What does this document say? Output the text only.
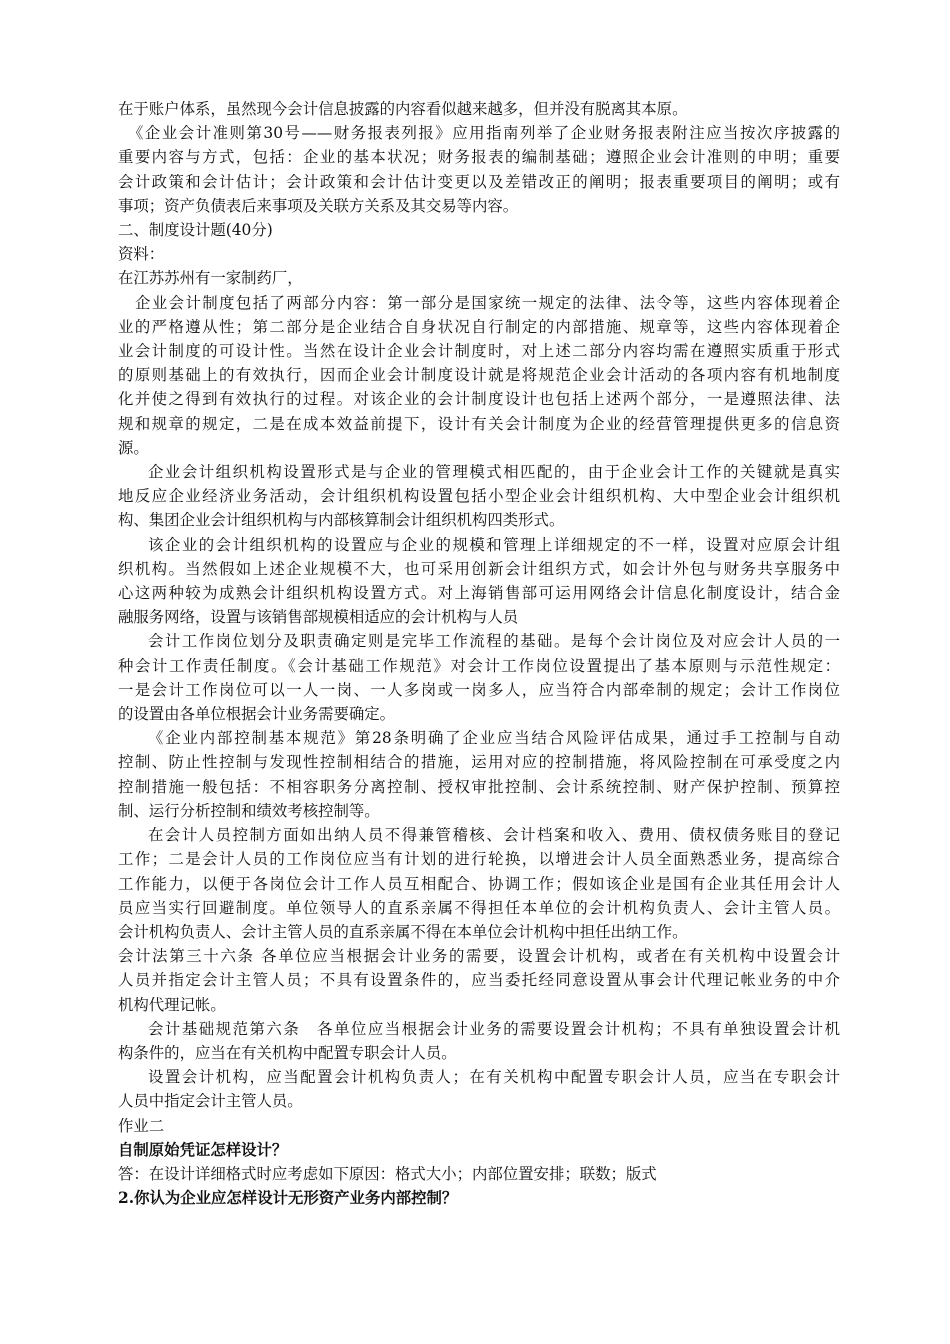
在于账户体系，虽然现今会计信息披露的内容看似越来越多，但并没有脱离其本原。
《企业会计准则第30号——财务报表列报》应用指南列举了企业财务报表附注应当按次序披露的
重要内容与方式，包括：企业的基本状况；财务报表的编制基础；遵照企业会计准则的申明；重要
会计政策和会计估计；会计政策和会计估计变更以及差错改正的阐明；报表重要项目的阐明；或有
事项；资产负债表后来事项及关联方关系及其交易等内容。
二、制度设计题(40分)
资料：
在江苏苏州有一家制药厂，
企业会计制度包括了两部分内容：第一部分是国家统一规定的法律、法令等，这些内容体现着企
业的严格遵从性；第二部分是企业结合自身状况自行制定的内部措施、规章等，这些内容体现着企
业会计制度的可设计性。当然在设计企业会计制度时，对上述二部分内容均需在遵照实质重于形式
的原则基础上的有效执行，因而企业会计制度设计就是将规范企业会计活动的各项内容有机地制度
化并使之得到有效执行的过程。对该企业的会计制度设计也包括上述两个部分，一是遵照法律、法
规和规章的规定，二是在成本效益前提下，设计有关会计制度为企业的经营管理提供更多的信息资
源。
企业会计组织机构设置形式是与企业的管理模式相匹配的，由于企业会计工作的关键就是真实
地反应企业经济业务活动，会计组织机构设置包括小型企业会计组织机构、大中型企业会计组织机
构、集团企业会计组织机构与内部核算制会计组织机构四类形式。
该企业的会计组织机构的设置应与企业的规模和管理上详细规定的不一样，设置对应原会计组
织机构。当然假如上述企业规模不大，也可采用创新会计组织方式，如会计外包与财务共享服务中
心这两种较为成熟会计组织机构设置方式。对上海销售部可运用网络会计信息化制度设计，结合金
融服务网络，设置与该销售部规模相适应的会计机构与人员
会计工作岗位划分及职责确定则是完毕工作流程的基础。是每个会计岗位及对应会计人员的一
种会计工作责任制度。《会计基础工作规范》对会计工作岗位设置提出了基本原则与示范性规定：
一是会计工作岗位可以一人一岗、一人多岗或一岗多人，应当符合内部牵制的规定；会计工作岗位
的设置由各单位根据会计业务需要确定。
《企业内部控制基本规范》第28条明确了企业应当结合风险评估成果，通过手工控制与自动
控制、防止性控制与发现性控制相结合的措施，运用对应的控制措施，将风险控制在可承受度之内
控制措施一般包括：不相容职务分离控制、授权审批控制、会计系统控制、财产保护控制、预算控
制、运行分析控制和绩效考核控制等。
在会计人员控制方面如出纳人员不得兼管稽核、会计档案和收入、费用、债权债务账目的登记
工作；二是会计人员的工作岗位应当有计划的进行轮换，以增进会计人员全面熟悉业务，提高综合
工作能力，以便于各岗位会计工作人员互相配合、协调工作；假如该企业是国有企业其任用会计人
员应当实行回避制度。单位领导人的直系亲属不得担任本单位的会计机构负责人、会计主管人员。
会计机构负责人、会计主管人员的直系亲属不得在本单位会计机构中担任出纳工作。
会计法第三十六条 各单位应当根据会计业务的需要，设置会计机构，或者在有关机构中设置会计
人员并指定会计主管人员；不具有设置条件的，应当委托经同意设置从事会计代理记帐业务的中介
机构代理记帐。
会计基础规范第六条　各单位应当根据会计业务的需要设置会计机构；不具有单独设置会计机
构条件的，应当在有关机构中配置专职会计人员。
设置会计机构，应当配置会计机构负责人；在有关机构中配置专职会计人员，应当在专职会计
人员中指定会计主管人员。
作业二
自制原始凭证怎样设计？
答：在设计详细格式时应考虑如下原因：格式大小；内部位置安排；联数；版式
2.你认为企业应怎样设计无形资产业务内部控制？
